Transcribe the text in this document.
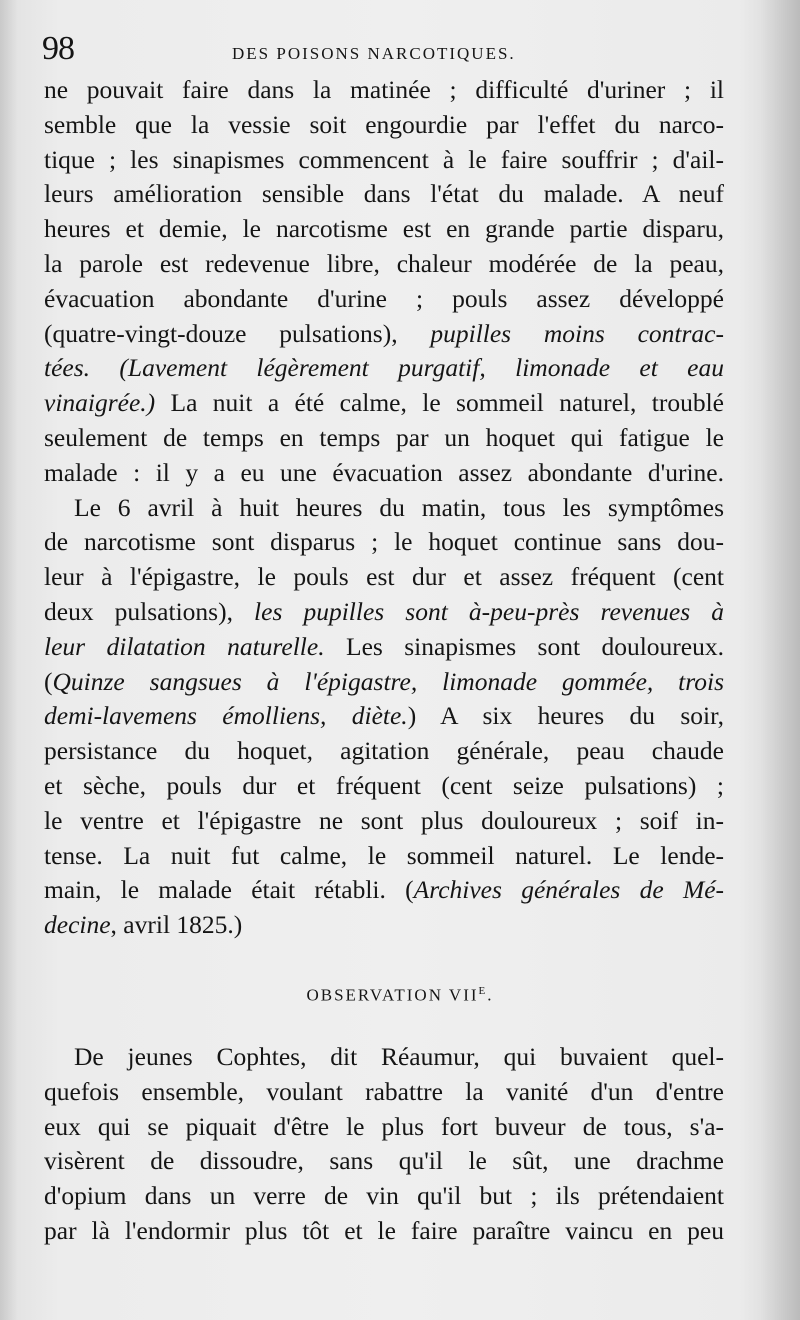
98	DES POISONS NARCOTIQUES.

ne pouvait faire dans la matinée ; difficulté d'uriner ; il
semble que la vessie soit engourdie par l'effet du narco-
tique ; les sinapismes commencent à le faire souffrir ; d'ail-
leurs amélioration sensible dans l'état du malade. A neuf
heures et demie, le narcotisme est en grande partie disparu,
la parole est redevenue libre, chaleur modérée de la peau,
évacuation abondante d'urine ; pouls assez développé
(quatre-vingt-douze pulsations), pupilles moins contrac-
tées. (Lavement légèrement purgatif, limonade et eau
vinaigrée.) La nuit a été calme, le sommeil naturel, troublé
seulement de temps en temps par un hoquet qui fatigue le
malade : il y a eu une évacuation assez abondante d'urine.

Le 6 avril à huit heures du matin, tous les symptômes
de narcotisme sont disparus ; le hoquet continue sans dou-
leur à l'épigastre, le pouls est dur et assez fréquent (cent
deux pulsations), les pupilles sont à-peu-près revenues à
leur dilatation naturelle. Les sinapismes sont douloureux.
(Quinze sangsues à l'épigastre, limonade gommée, trois
demi-lavemens émolliens, diète.) A six heures du soir,
persistance du hoquet, agitation générale, peau chaude
et sèche, pouls dur et fréquent (cent seize pulsations) ;
le ventre et l'épigastre ne sont plus douloureux ; soif in-
tense. La nuit fut calme, le sommeil naturel. Le lende-
main, le malade était rétabli. (Archives générales de Mé-
decine, avril 1825.)

OBSERVATION $VII^E$.

De jeunes Cophtes, dit Réaumur, qui buvaient quel-
quefois ensemble, voulant rabattre la vanité d'un d'entre
eux qui se piquait d'être le plus fort buveur de tous, s'a-
visèrent de dissoudre, sans qu'il le sût, une drachme
d'opium dans un verre de vin qu'il but ; ils prétendaient
par là l'endormir plus tôt et le faire paraître vaincu en peu
